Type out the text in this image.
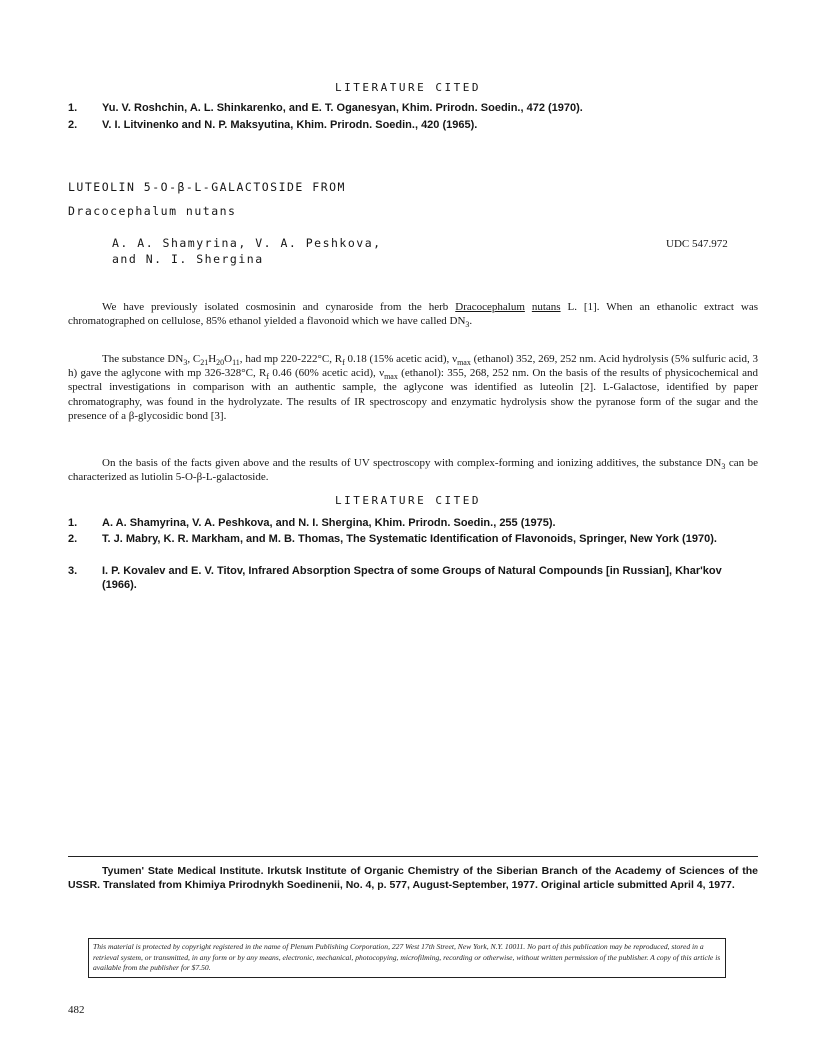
LITERATURE CITED
1. Yu. V. Roshchin, A. L. Shinkarenko, and E. T. Oganesyan, Khim. Prirodn. Soedin., 472 (1970).
2. V. I. Litvinenko and N. P. Maksyutina, Khim. Prirodn. Soedin., 420 (1965).
LUTEOLIN 5-O-β-L-GALACTOSIDE FROM
Dracocephalum nutans
A. A. Shamyrina, V. A. Peshkova,
and N. I. Shergina
UDC 547.972
We have previously isolated cosmosinin and cynaroside from the herb Dracocephalum nutans L. [1]. When an ethanolic extract was chromatographed on cellulose, 85% ethanol yielded a flavonoid which we have called $DN_3$.
The substance $DN_3$, $C_{21}H_{20}O_{11}$, had mp 220-222°C, $R_f$ 0.18 (15% acetic acid), $\nu_{max}$ (ethanol) 352, 269, 252 nm. Acid hydrolysis (5% sulfuric acid, 3 h) gave the aglycone with mp 326-328°C, $R_f$ 0.46 (60% acetic acid), $\nu_{max}$ (ethanol): 355, 268, 252 nm. On the basis of the results of physicochemical and spectral investigations in comparison with an authentic sample, the aglycone was identified as luteolin [2]. L-Galactose, identified by paper chromatography, was found in the hydrolyzate. The results of IR spectroscopy and enzymatic hydrolysis show the pyranose form of the sugar and the presence of a β-glycosidic bond [3].
On the basis of the facts given above and the results of UV spectroscopy with complex-forming and ionizing additives, the substance $DN_3$ can be characterized as lutiolin 5-O-β-L-galactoside.
LITERATURE CITED
1. A. A. Shamyrina, V. A. Peshkova, and N. I. Shergina, Khim. Prirodn. Soedin., 255 (1975).
2. T. J. Mabry, K. R. Markham, and M. B. Thomas, The Systematic Identification of Flavonoids, Springer, New York (1970).
3. I. P. Kovalev and E. V. Titov, Infrared Absorption Spectra of some Groups of Natural Compounds [in Russian], Khar'kov (1966).
Tyumen' State Medical Institute. Irkutsk Institute of Organic Chemistry of the Siberian Branch of the Academy of Sciences of the USSR. Translated from Khimiya Prirodnykh Soedinenii, No. 4, p. 577, August-September, 1977. Original article submitted April 4, 1977.
This material is protected by copyright registered in the name of Plenum Publishing Corporation, 227 West 17th Street, New York, N.Y. 10011. No part of this publication may be reproduced, stored in a retrieval system, or transmitted, in any form or by any means, electronic, mechanical, photocopying, microfilming, recording or otherwise, without written permission of the publisher. A copy of this article is available from the publisher for $7.50.
482
